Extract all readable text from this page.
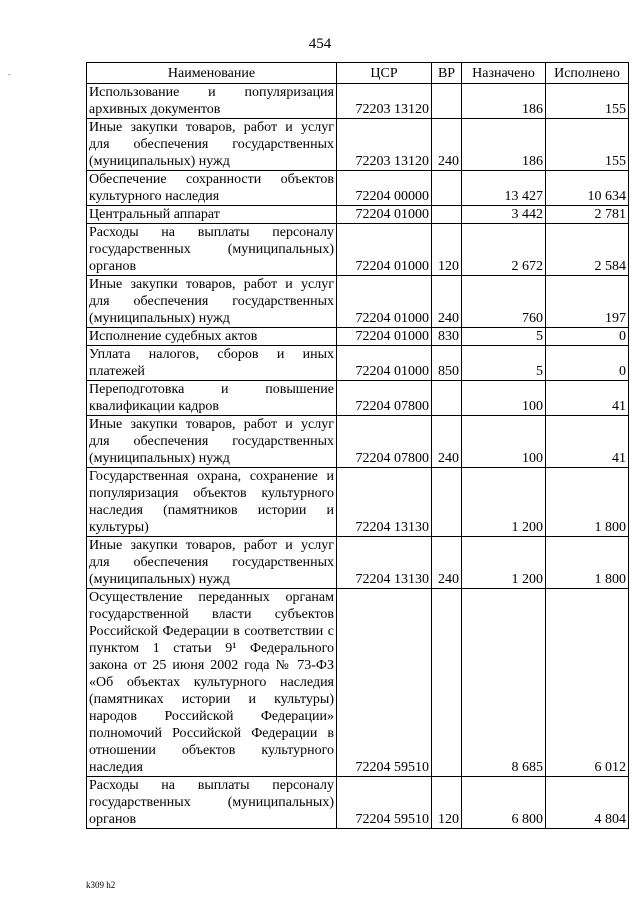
454
-	Наименование	ЦСР	ВР	Назначено	Исполнено
Использование и популяризация архивных документов	72203 13120		186	155
Иные закупки товаров, работ и услуг для обеспечения государственных (муниципальных) нужд	72203 13120	240	186	155
Обеспечение сохранности объектов культурного наследия	72204 00000		13 427	10 634
Центральный аппарат	72204 01000		3 442	2 781
Расходы на выплаты персоналу государственных (муниципальных) органов	72204 01000	120	2 672	2 584
Иные закупки товаров, работ и услуг для обеспечения государственных (муниципальных) нужд	72204 01000	240	760	197
Исполнение судебных актов	72204 01000	830	5	0
Уплата налогов, сборов и иных платежей	72204 01000	850	5	0
Переподготовка и повышение квалификации кадров	72204 07800		100	41
Иные закупки товаров, работ и услуг для обеспечения государственных (муниципальных) нужд	72204 07800	240	100	41
Государственная охрана, сохранение и популяризация объектов культурного наследия (памятников истории и культуры)	72204 13130		1 200	1 800
Иные закупки товаров, работ и услуг для обеспечения государственных (муниципальных) нужд	72204 13130	240	1 200	1 800
Осуществление переданных органам государственной власти субъектов Российской Федерации в соответствии с пунктом 1 статьи 9¹ Федерального закона от 25 июня 2002 года № 73-ФЗ «Об объектах культурного наследия (памятниках истории и культуры) народов Российской Федерации» полномочий Российской Федерации в отношении объектов культурного наследия	72204 59510		8 685	6 012
Расходы на выплаты персоналу государственных (муниципальных) органов	72204 59510	120	6 800	4 804
k309 h2
